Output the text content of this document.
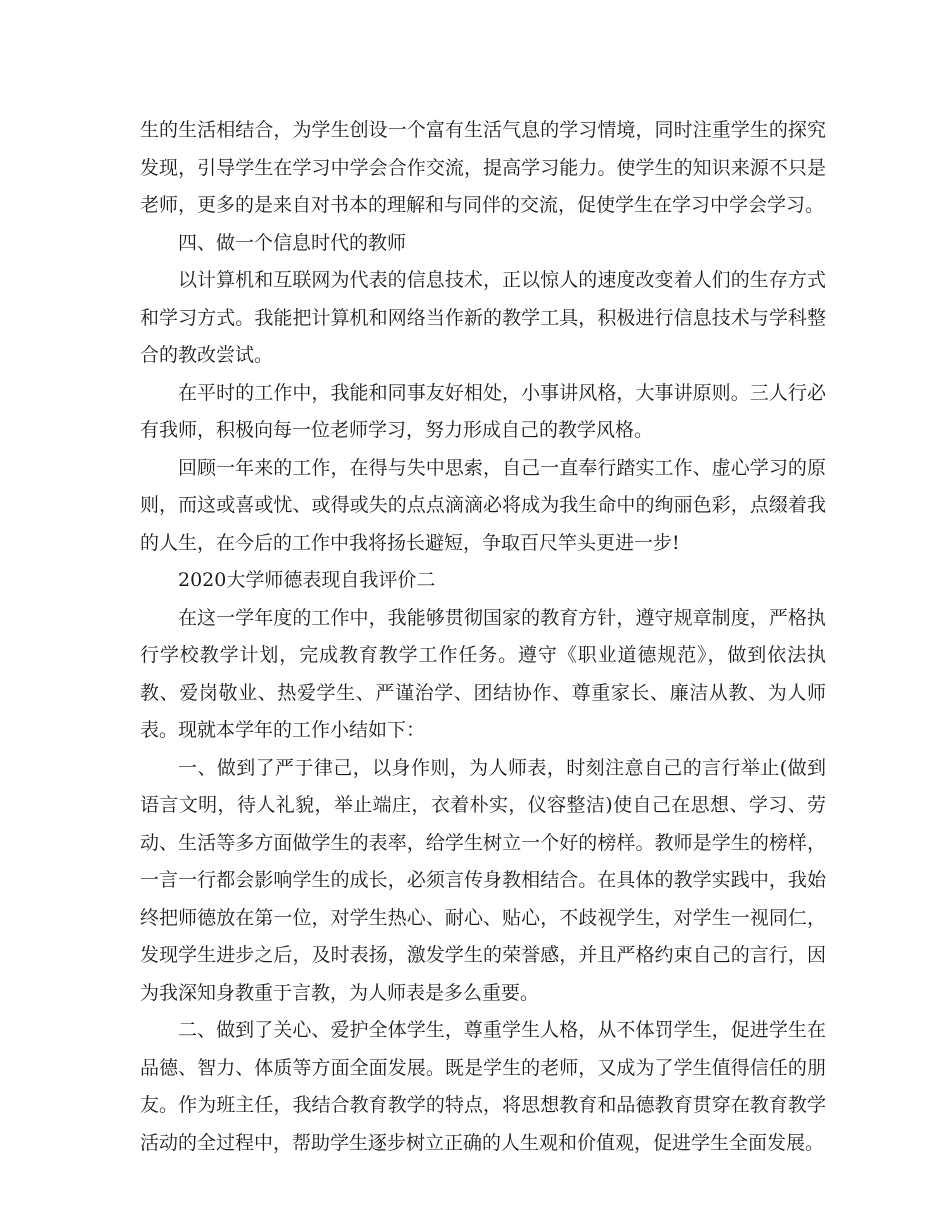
生的生活相结合，为学生创设一个富有生活气息的学习情境，同时注重学生的探究发现，引导学生在学习中学会合作交流，提高学习能力。使学生的知识来源不只是老师，更多的是来自对书本的理解和与同伴的交流，促使学生在学习中学会学习。

四、做一个信息时代的教师

以计算机和互联网为代表的信息技术，正以惊人的速度改变着人们的生存方式和学习方式。我能把计算机和网络当作新的教学工具，积极进行信息技术与学科整合的教改尝试。

在平时的工作中，我能和同事友好相处，小事讲风格，大事讲原则。三人行必有我师，积极向每一位老师学习，努力形成自己的教学风格。

回顾一年来的工作，在得与失中思索，自己一直奉行踏实工作、虚心学习的原则，而这或喜或忧、或得或失的点点滴滴必将成为我生命中的绚丽色彩，点缀着我的人生，在今后的工作中我将扬长避短，争取百尺竿头更进一步!

2020大学师德表现自我评价二

在这一学年度的工作中，我能够贯彻国家的教育方针，遵守规章制度，严格执行学校教学计划，完成教育教学工作任务。遵守《职业道德规范》，做到依法执教、爱岗敬业、热爱学生、严谨治学、团结协作、尊重家长、廉洁从教、为人师表。现就本学年的工作小结如下：

一、做到了严于律己，以身作则，为人师表，时刻注意自己的言行举止(做到语言文明，待人礼貌，举止端庄，衣着朴实，仪容整洁)使自己在思想、学习、劳动、生活等多方面做学生的表率，给学生树立一个好的榜样。教师是学生的榜样，一言一行都会影响学生的成长，必须言传身教相结合。在具体的教学实践中，我始终把师德放在第一位，对学生热心、耐心、贴心，不歧视学生，对学生一视同仁，发现学生进步之后，及时表扬，激发学生的荣誉感，并且严格约束自己的言行，因为我深知身教重于言教，为人师表是多么重要。

二、做到了关心、爱护全体学生，尊重学生人格，从不体罚学生，促进学生在品德、智力、体质等方面全面发展。既是学生的老师，又成为了学生值得信任的朋友。作为班主任，我结合教育教学的特点，将思想教育和品德教育贯穿在教育教学活动的全过程中，帮助学生逐步树立正确的人生观和价值观，促进学生全面发展。
